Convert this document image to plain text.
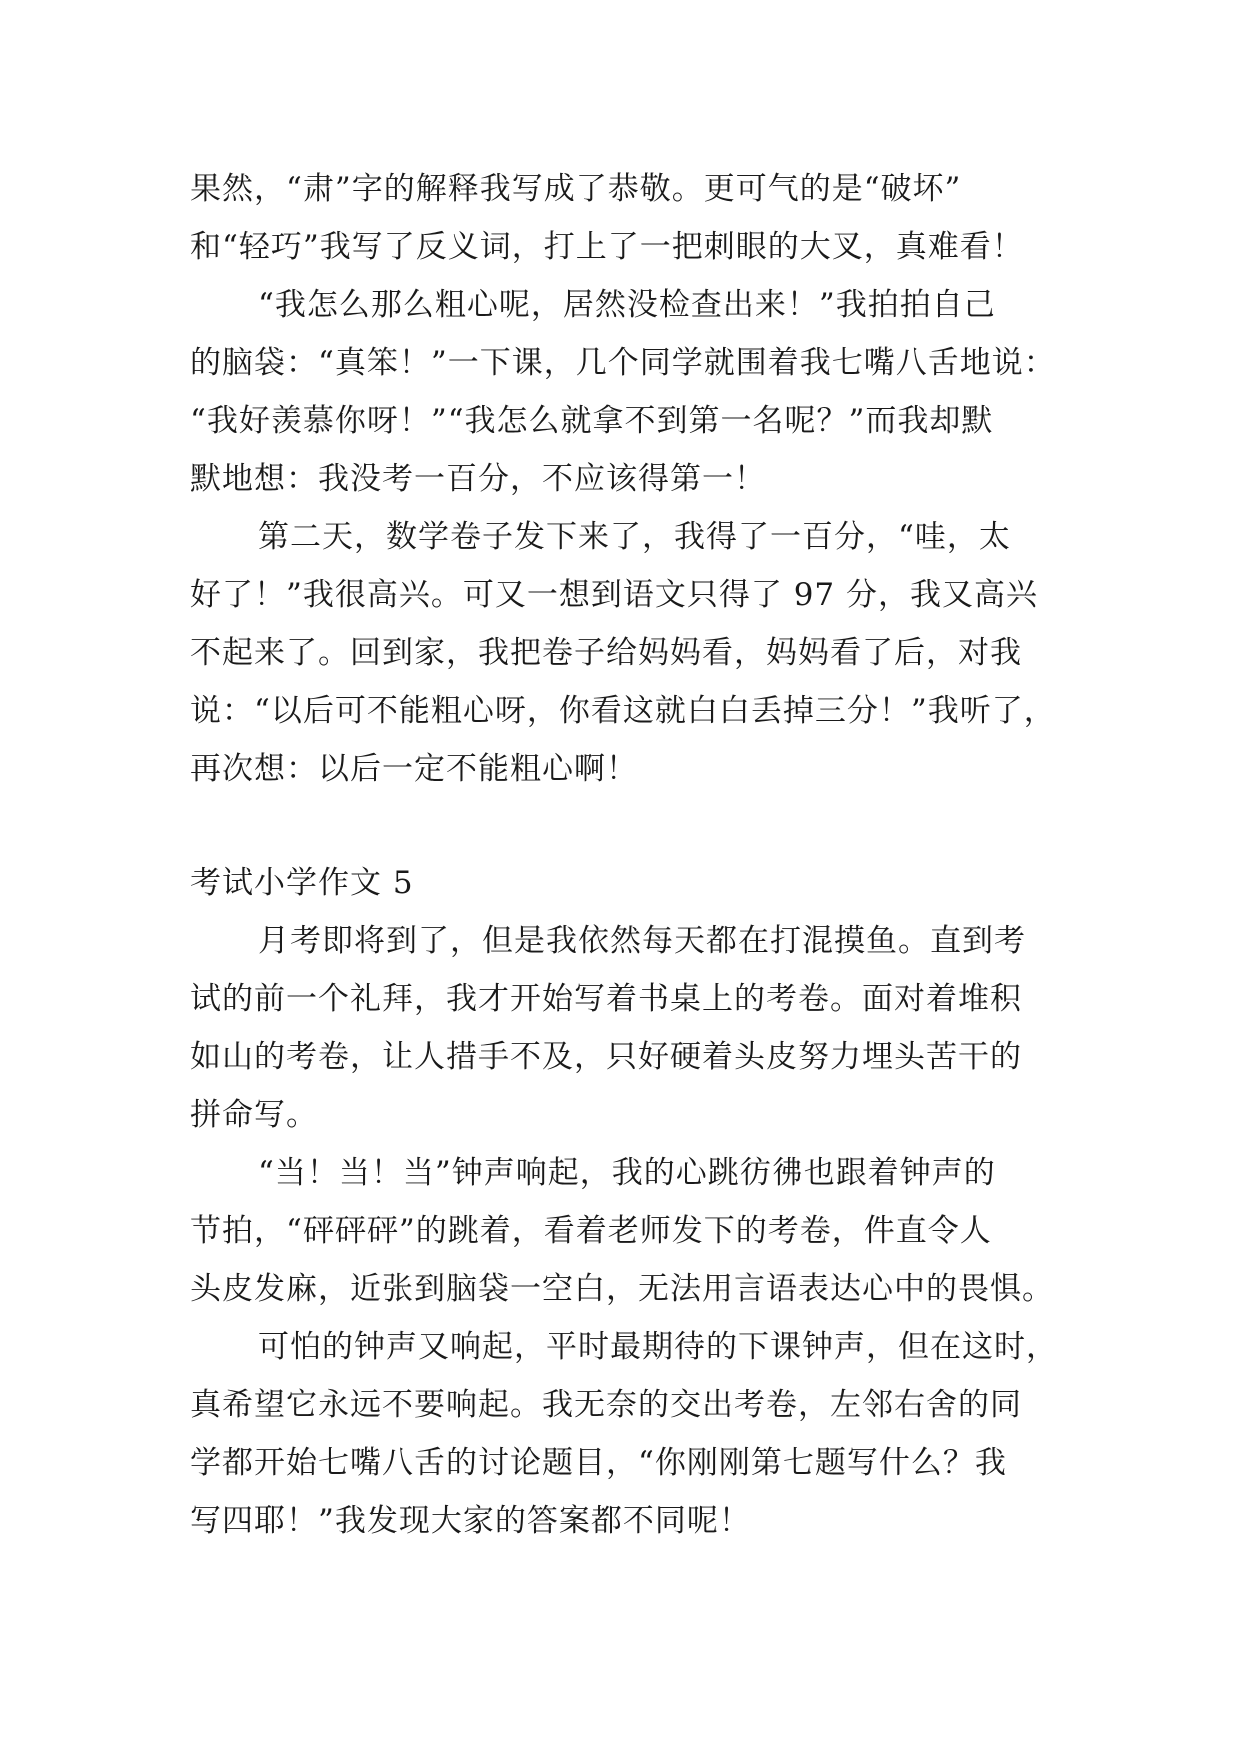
果然，“肃”字的解释我写成了恭敬。更可气的是“破坏”
和“轻巧”我写了反义词，打上了一把刺眼的大叉，真难看！
“我怎么那么粗心呢，居然没检查出来！”我拍拍自己
的脑袋：“真笨！”一下课，几个同学就围着我七嘴八舌地说：
“我好羡慕你呀！”“我怎么就拿不到第一名呢？”而我却默
默地想：我没考一百分，不应该得第一！
第二天，数学卷子发下来了，我得了一百分，“哇，太
好了！”我很高兴。可又一想到语文只得了 97 分，我又高兴
不起来了。回到家，我把卷子给妈妈看，妈妈看了后，对我
说：“以后可不能粗心呀，你看这就白白丢掉三分！”我听了，
再次想：以后一定不能粗心啊！
考试小学作文 5
月考即将到了，但是我依然每天都在打混摸鱼。直到考
试的前一个礼拜，我才开始写着书桌上的考卷。面对着堆积
如山的考卷，让人措手不及，只好硬着头皮努力埋头苦干的
拼命写。
“当！当！当”钟声响起，我的心跳彷彿也跟着钟声的
节拍，“砰砰砰”的跳着，看着老师发下的考卷，件直令人
头皮发麻，近张到脑袋一空白，无法用言语表达心中的畏惧。
可怕的钟声又响起，平时最期待的下课钟声，但在这时，
真希望它永远不要响起。我无奈的交出考卷，左邻右舍的同
学都开始七嘴八舌的讨论题目，“你刚刚第七题写什么？我
写四耶！”我发现大家的答案都不同呢！
